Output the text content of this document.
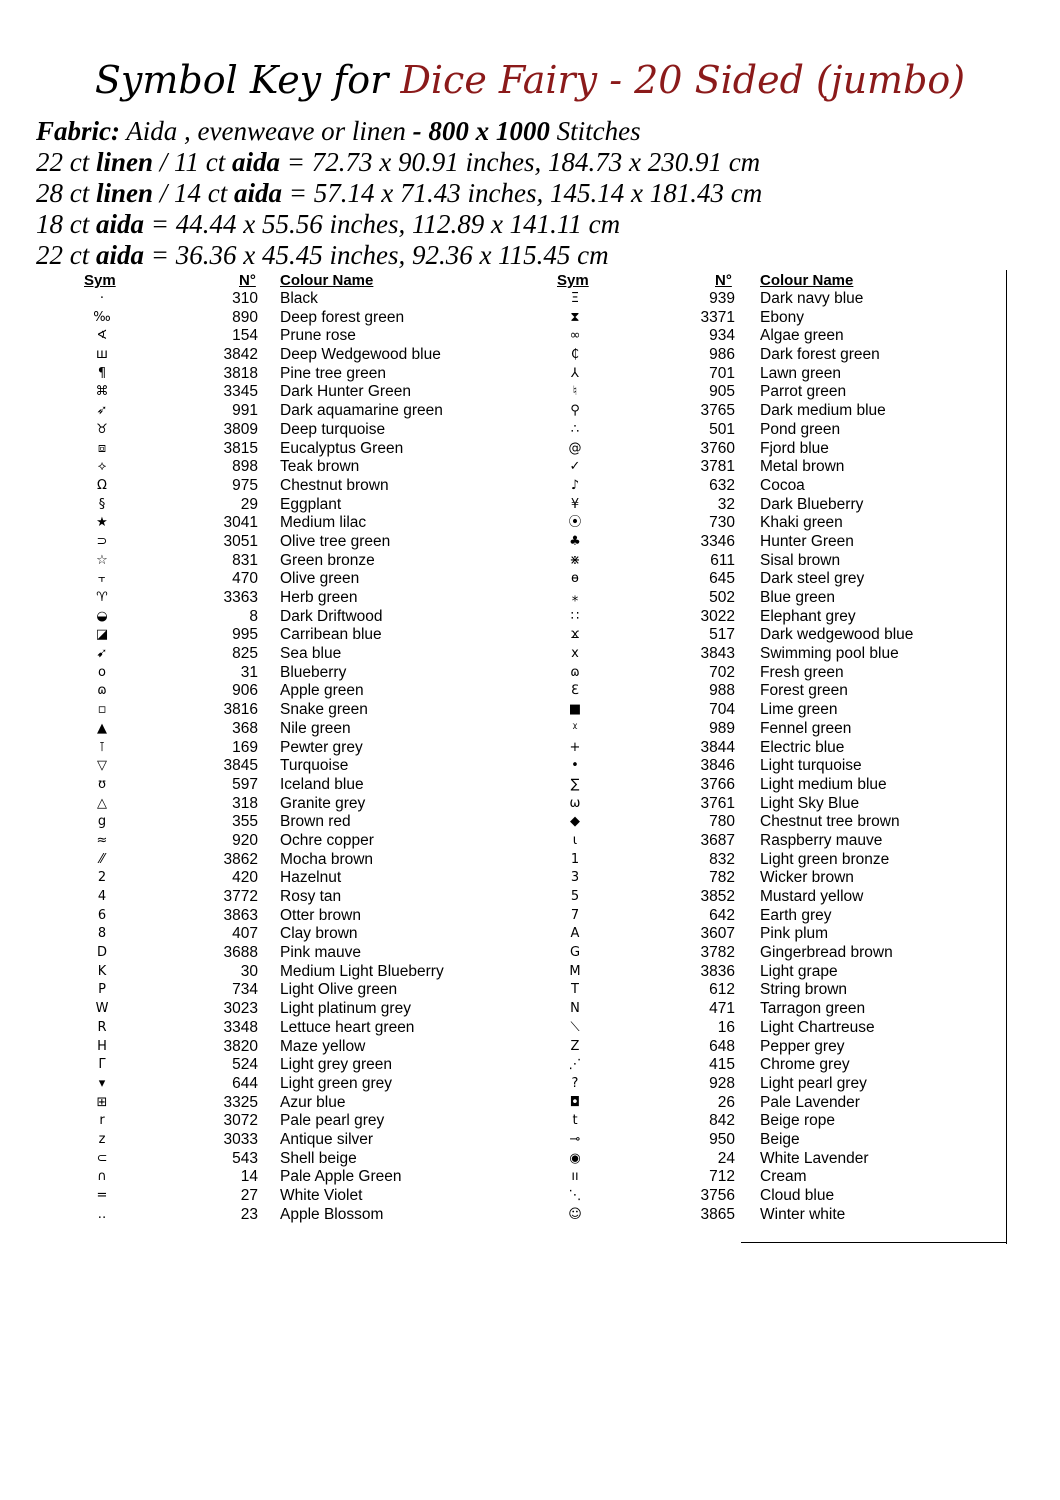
Symbol Key for Dice Fairy - 20 Sided (jumbo)
Fabric: Aida , evenweave or linen - 800 x 1000 Stitches
22 ct linen / 11 ct aida = 72.73 x 90.91 inches, 184.73 x 230.91 cm
28 ct linen / 14 ct aida = 57.14 x 71.43 inches, 145.14 x 181.43 cm
18 ct aida = 44.44 x 55.56 inches, 112.89 x 141.11 cm
22 ct aida = 36.36 x 45.45 inches, 92.36 x 115.45 cm
Sym	N° Colour Name	Sym	N° Colour Name
·	310 Black
‰	890 Deep forest green
∢	154 Prune rose
ш	3842 Deep Wedgewood blue
¶	3818 Pine tree green
⌘	3345 Dark Hunter Green
➶	991 Dark aquamarine green
♉	3809 Deep turquoise
⧈	3815 Eucalyptus Green
⟡	898 Teak brown
Ω	975 Chestnut brown
§	29 Eggplant
★	3041 Medium lilac
⊃	3051 Olive tree green
☆	831 Green bronze
⫟	470 Olive green
♈	3363 Herb green
◒	8 Dark Driftwood
◪	995 Carribean blue
➹	825 Sea blue
o	31 Blueberry
ɷ	906 Apple green
▫	3816 Snake green
▲	368 Nile green
⊺	169 Pewter grey
▽	3845 Turquoise
ʊ	597 Iceland blue
△	318 Granite grey
g	355 Brown red
≈	920 Ochre copper
⁄⁄	3862 Mocha brown
2	420 Hazelnut
4	3772 Rosy tan
6	3863 Otter brown
8	407 Clay brown
D	3688 Pink mauve
K	30 Medium Light Blueberry
P	734 Light Olive green
W	3023 Light platinum grey
R	3348 Lettuce heart green
H	3820 Maze yellow
Γ	524 Light grey green
▾	644 Light green grey
⊞	3325 Azur blue
r	3072 Pale pearl grey
z	3033 Antique silver
⊂	543 Shell beige
∩	14 Pale Apple Green
=	27 White Violet
‥	23 Apple Blossom
Ξ	939 Dark navy blue
⧗	3371 Ebony
∞	934 Algae green
₵	986 Dark forest green
⅄	701 Lawn green
♮	905 Parrot green
⚲	3765 Dark medium blue
∴	501 Pond green
@	3760 Fjord blue
✓	3781 Metal brown
♪	632 Cocoa
¥	32 Dark Blueberry
⦿	730 Khaki green
♣	3346 Hunter Green
⋇	611 Sisal brown
ɵ	645 Dark steel grey
⁎	502 Blue green
∷	3022 Elephant grey
ϫ	517 Dark wedgewood blue
x	3843 Swimming pool blue
ɷ	702 Fresh green
ℇ	988 Forest green
■	704 Lime green
ᵡ	989 Fennel green
+	3844 Electric blue
•	3846 Light turquoise
∑	3766 Light medium blue
ω	3761 Light Sky Blue
◆	780 Chestnut tree brown
ɩ	3687 Raspberry mauve
1	832 Light green bronze
3	782 Wicker brown
5	3852 Mustard yellow
7	642 Earth grey
A	3607 Pink plum
G	3782 Gingerbread brown
M	3836 Light grape
T	612 String brown
N	471 Tarragon green
⟍	16 Light Chartreuse
Z	648 Pepper grey
⋰	415 Chrome grey
?	928 Light pearl grey
◘	26 Pale Lavender
t	842 Beige rope
⊸	950 Beige
◉	24 White Lavender
ıı	712 Cream
⋱	3756 Cloud blue
☺	3865 Winter white
